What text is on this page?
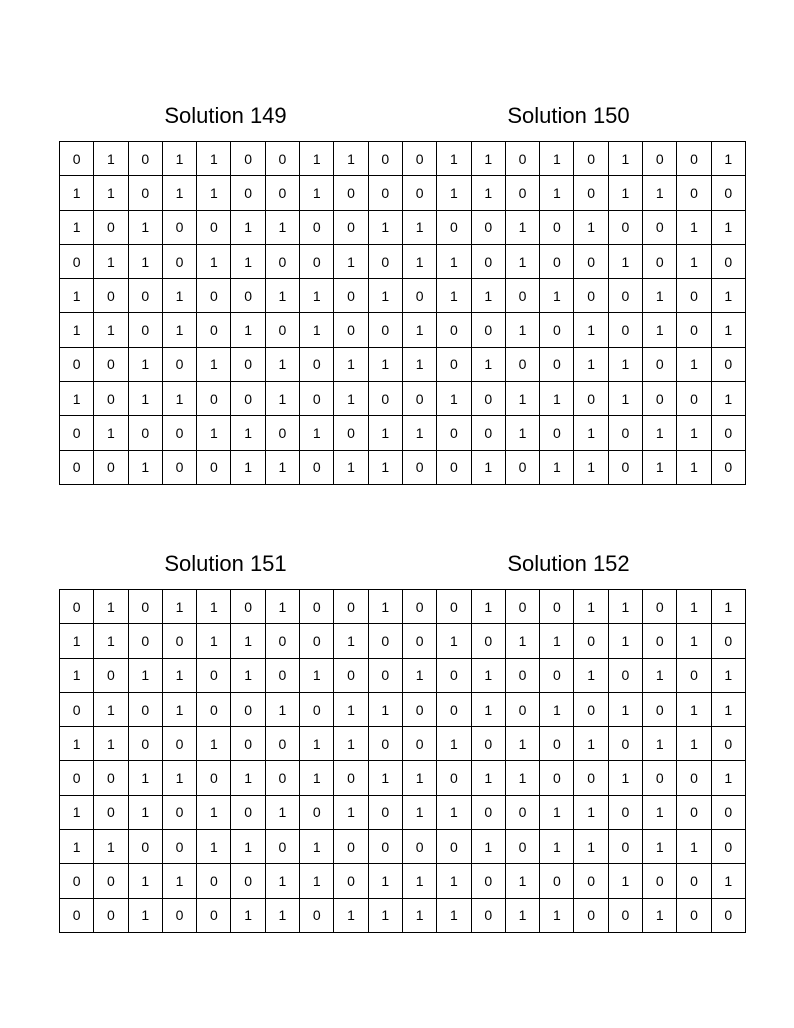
Solution 149
0	1	0	1	1	0	0	1	1	0
1	1	0	1	1	0	0	1	0	0
1	0	1	0	0	1	1	0	0	1
0	1	1	0	1	1	0	0	1	0
1	0	0	1	0	0	1	1	0	1
1	1	0	1	0	1	0	1	0	0
0	0	1	0	1	0	1	0	1	1
1	0	1	1	0	0	1	0	1	0
0	1	0	0	1	1	0	1	0	1
0	0	1	0	0	1	1	0	1	1
Solution 150
0	1	1	0	1	0	1	0	0	1
0	1	1	0	1	0	1	1	0	0
1	0	0	1	0	1	0	0	1	1
1	1	0	1	0	0	1	0	1	0
0	1	1	0	1	0	0	1	0	1
1	0	0	1	0	1	0	1	0	1
1	0	1	0	0	1	1	0	1	0
0	1	0	1	1	0	1	0	0	1
1	0	0	1	0	1	0	1	1	0
0	0	1	0	1	1	0	1	1	0
Solution 151
0	1	0	1	1	0	1	0	0	1
1	1	0	0	1	1	0	0	1	0
1	0	1	1	0	1	0	1	0	0
0	1	0	1	0	0	1	0	1	1
1	1	0	0	1	0	0	1	1	0
0	0	1	1	0	1	0	1	0	1
1	0	1	0	1	0	1	0	1	0
1	1	0	0	1	1	0	1	0	0
0	0	1	1	0	0	1	1	0	1
0	0	1	0	0	1	1	0	1	1
Solution 152
0	0	1	0	0	1	1	0	1	1
0	1	0	1	1	0	1	0	1	0
1	0	1	0	0	1	0	1	0	1
0	0	1	0	1	0	1	0	1	1
0	1	0	1	0	1	0	1	1	0
1	0	1	1	0	0	1	0	0	1
1	1	0	0	1	1	0	1	0	0
0	0	1	0	1	1	0	1	1	0
1	1	0	1	0	0	1	0	0	1
1	1	0	1	1	0	0	1	0	0
